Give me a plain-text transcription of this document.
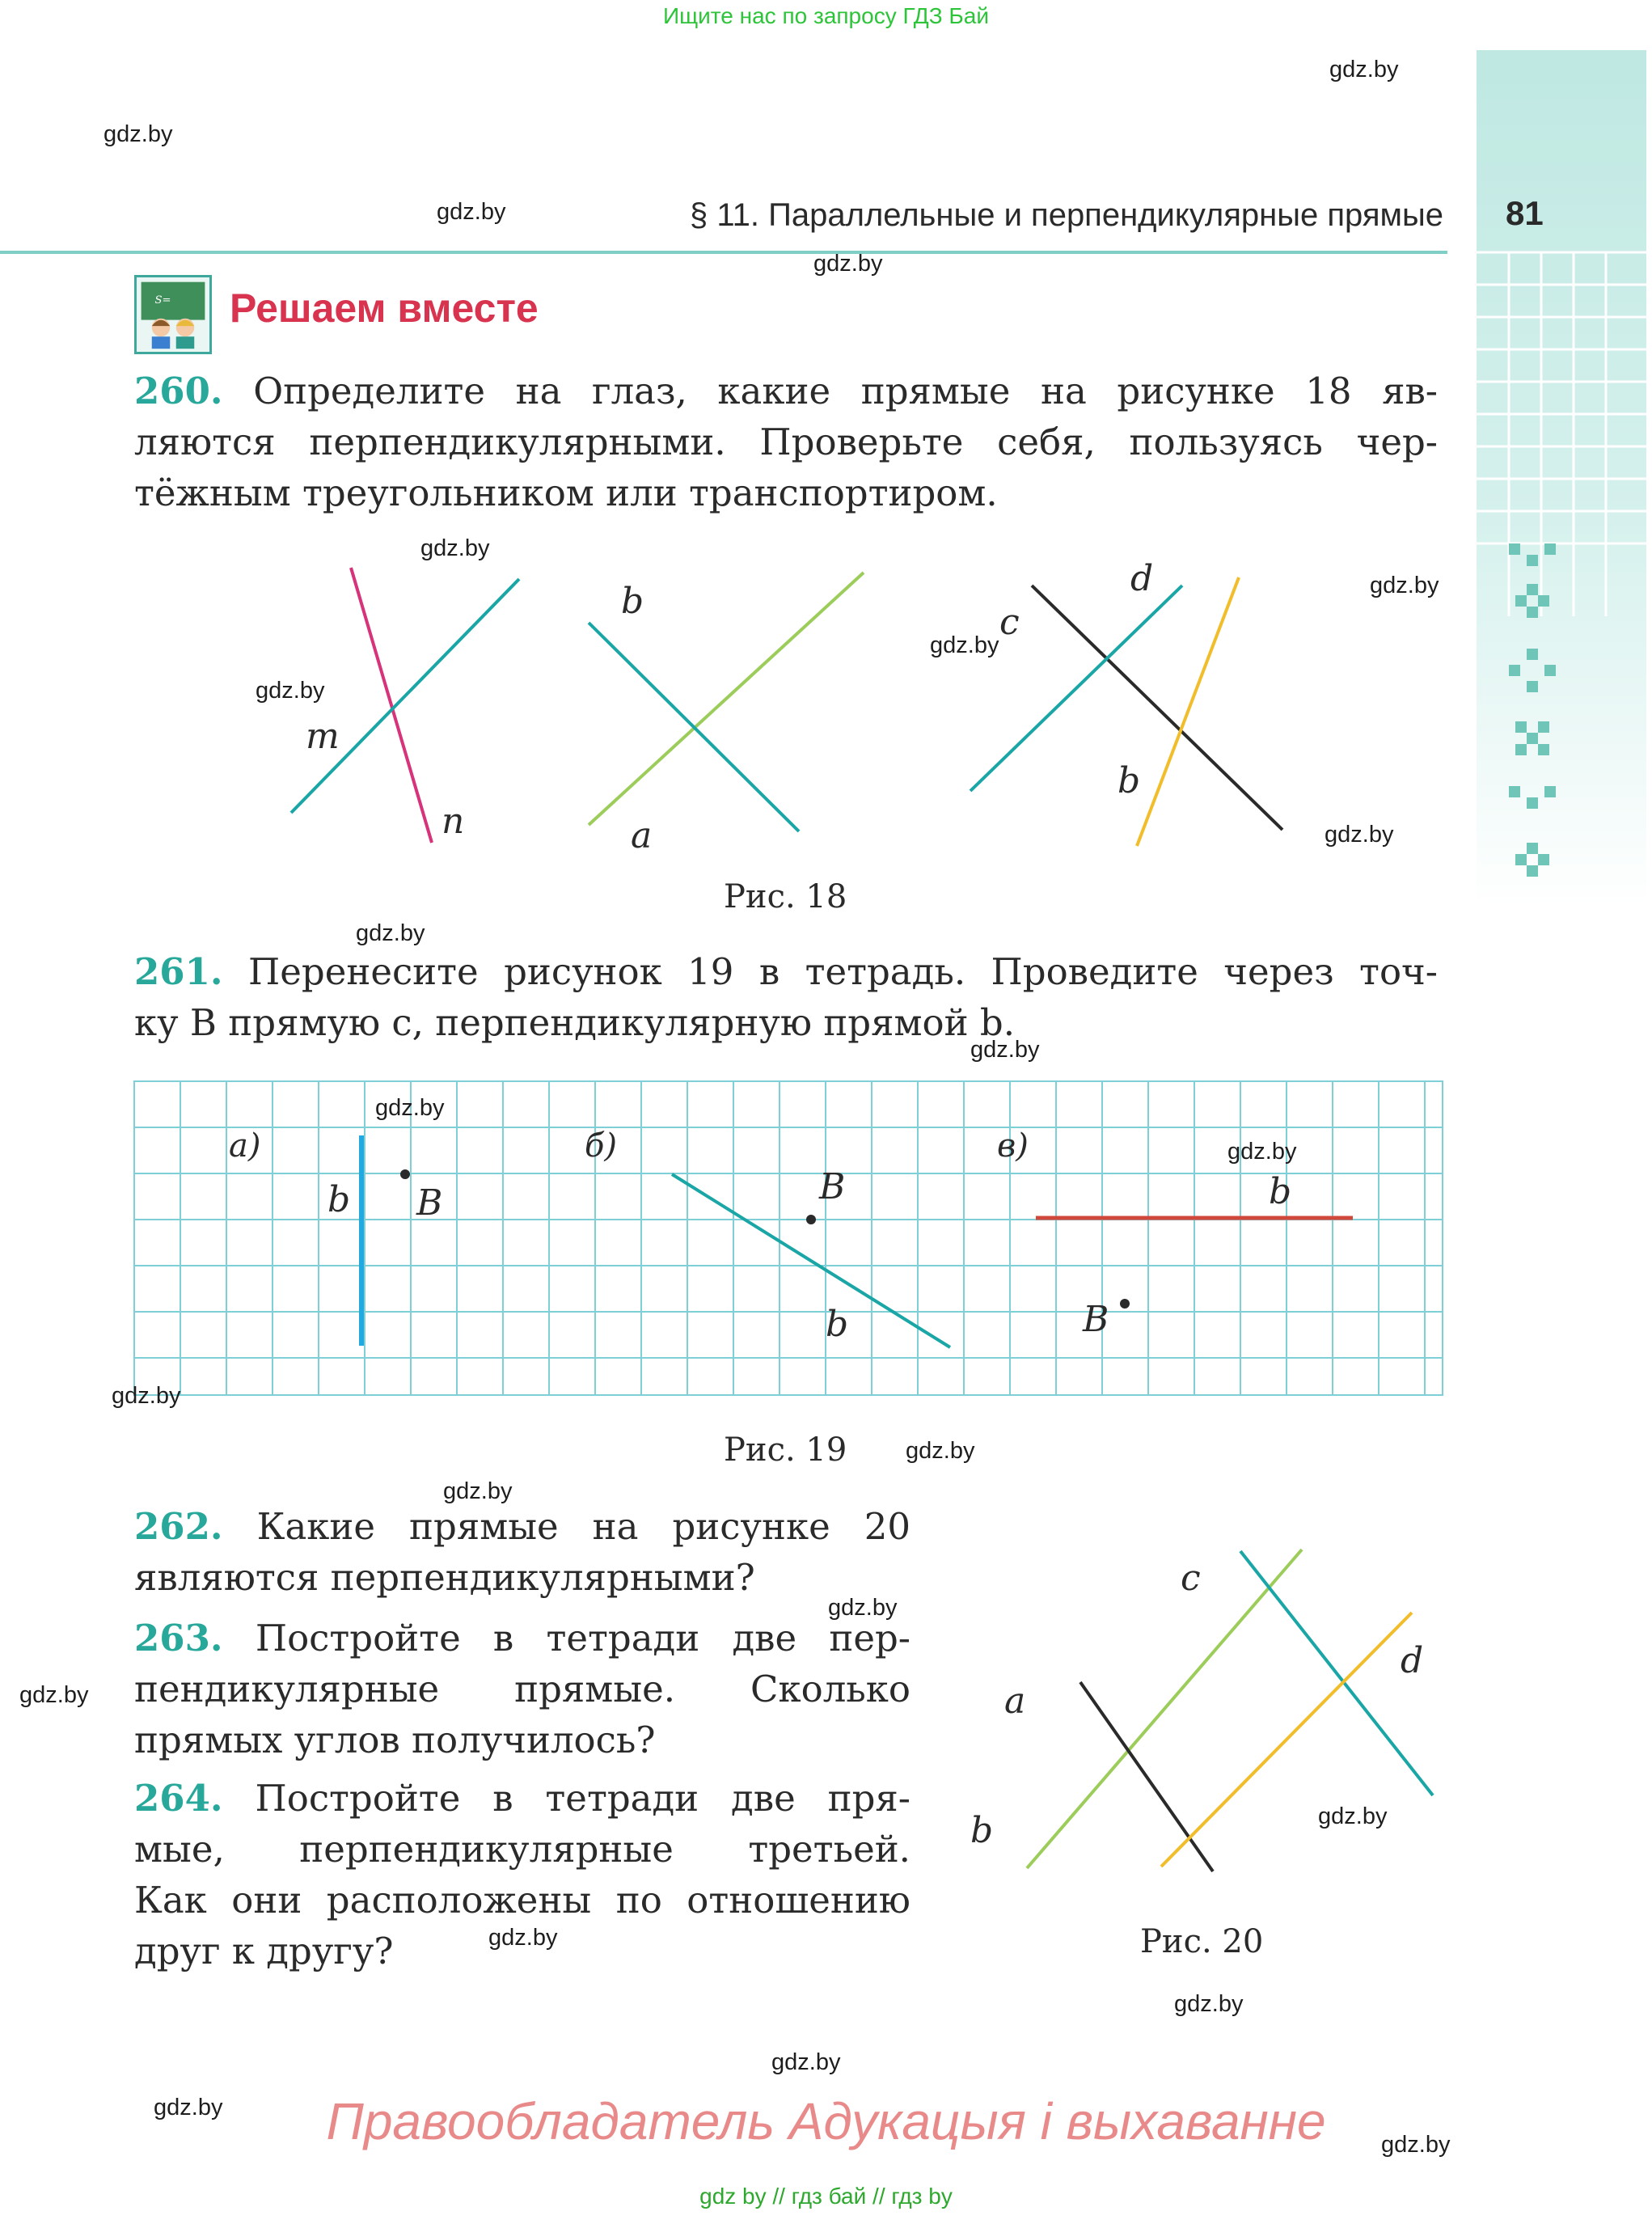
Ищите нас по запросу ГДЗ Бай
§ 11. Параллельные и перпендикулярные прямые 81
S= Решаем вместе
260. Определите на глаз, какие прямые на рисунке 18 яв-
ляются перпендикулярными. Проверьте себя, пользуясь чер-
тёжным треугольником или транспортиром.
m
n
b
a
c
d
b
Рис. 18
261. Перенесите рисунок 19 в тетрадь. Проведите через точ-
ку B прямую c, перпендикулярную прямой b.
а)
b B
б)
B
b
в)
b
B
Рис. 19
262. Какие прямые на рисунке 20
являются перпендикулярными?
263. Постройте в тетради две пер-
пендикулярные прямые. Сколько
прямых углов получилось?
264. Постройте в тетради две пря-
мые, перпендикулярные третьей.
Как они расположены по отношению
друг к другу?
c
d
a
b
Рис. 20
gdz.by
gdz.by
gdz.by
gdz.by
gdz.by
gdz.by
gdz.by
gdz.by
gdz.by
gdz.by
gdz.by
gdz.by
gdz.by
gdz.by
gdz.by
gdz.by
gdz.by
gdz.by
gdz.by
gdz.by
gdz.by
gdz.by
gdz.by
gdz.by
Правообладатель Адукацыя і выхаванне
gdz by // гдз бай // гдз by
